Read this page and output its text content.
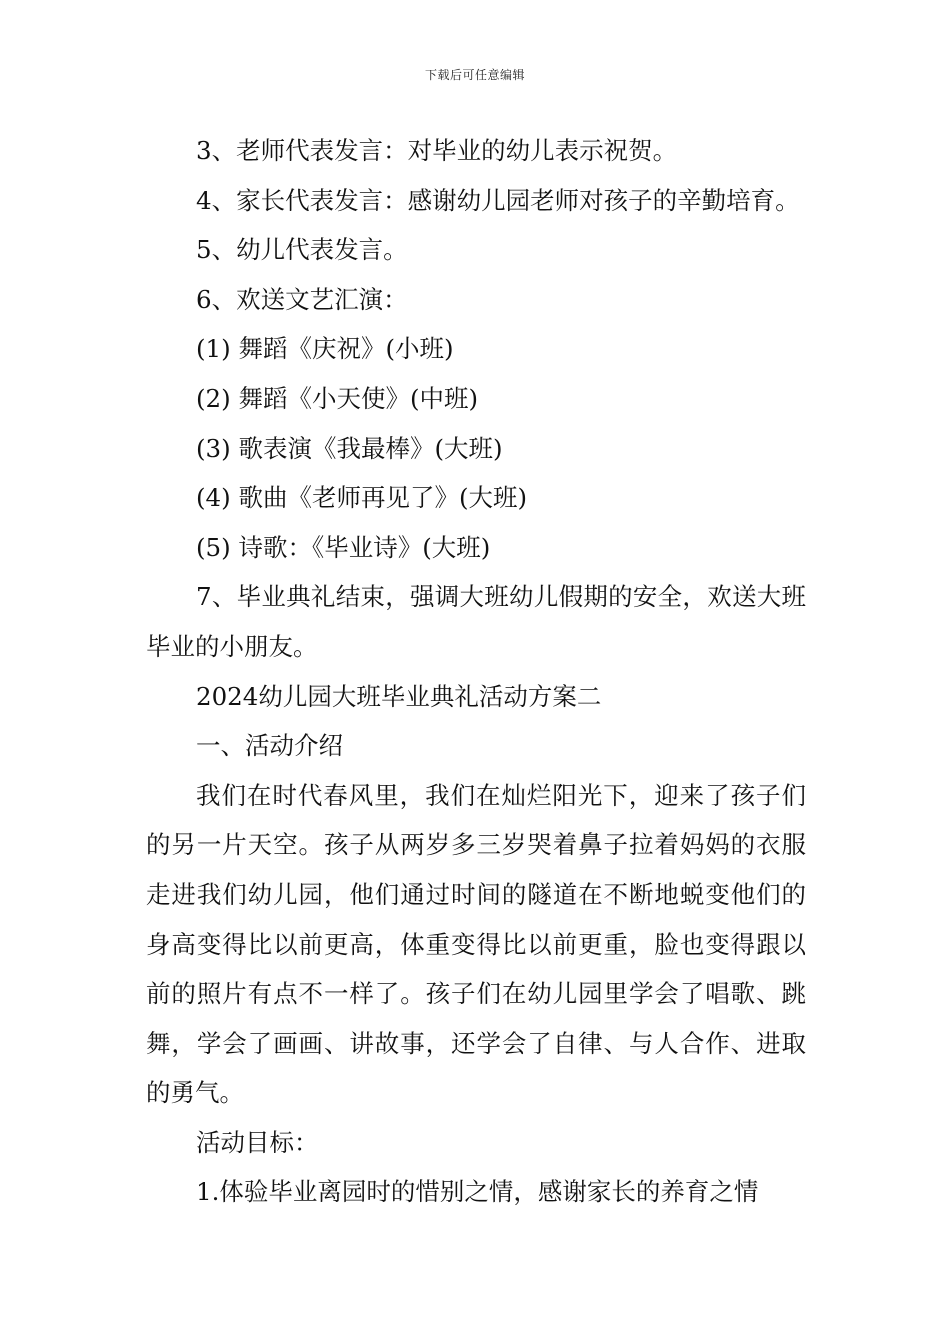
下载后可任意编辑

3、老师代表发言：对毕业的幼儿表示祝贺。

4、家长代表发言：感谢幼儿园老师对孩子的辛勤培育。

5、幼儿代表发言。

6、欢送文艺汇演：

(1) 舞蹈《庆祝》(小班)

(2) 舞蹈《小天使》(中班)

(3) 歌表演《我最棒》(大班)

(4) 歌曲《老师再见了》(大班)

(5) 诗歌：《毕业诗》(大班)

7、毕业典礼结束，强调大班幼儿假期的安全，欢送大班毕业的小朋友。

2024幼儿园大班毕业典礼活动方案二

一、活动介绍

我们在时代春风里，我们在灿烂阳光下，迎来了孩子们的另一片天空。孩子从两岁多三岁哭着鼻子拉着妈妈的衣服走进我们幼儿园，他们通过时间的隧道在不断地蜕变他们的身高变得比以前更高，体重变得比以前更重，脸也变得跟以前的照片有点不一样了。孩子们在幼儿园里学会了唱歌、跳舞，学会了画画、讲故事，还学会了自律、与人合作、进取的勇气。

活动目标：

1.体验毕业离园时的惜别之情，感谢家长的养育之情
